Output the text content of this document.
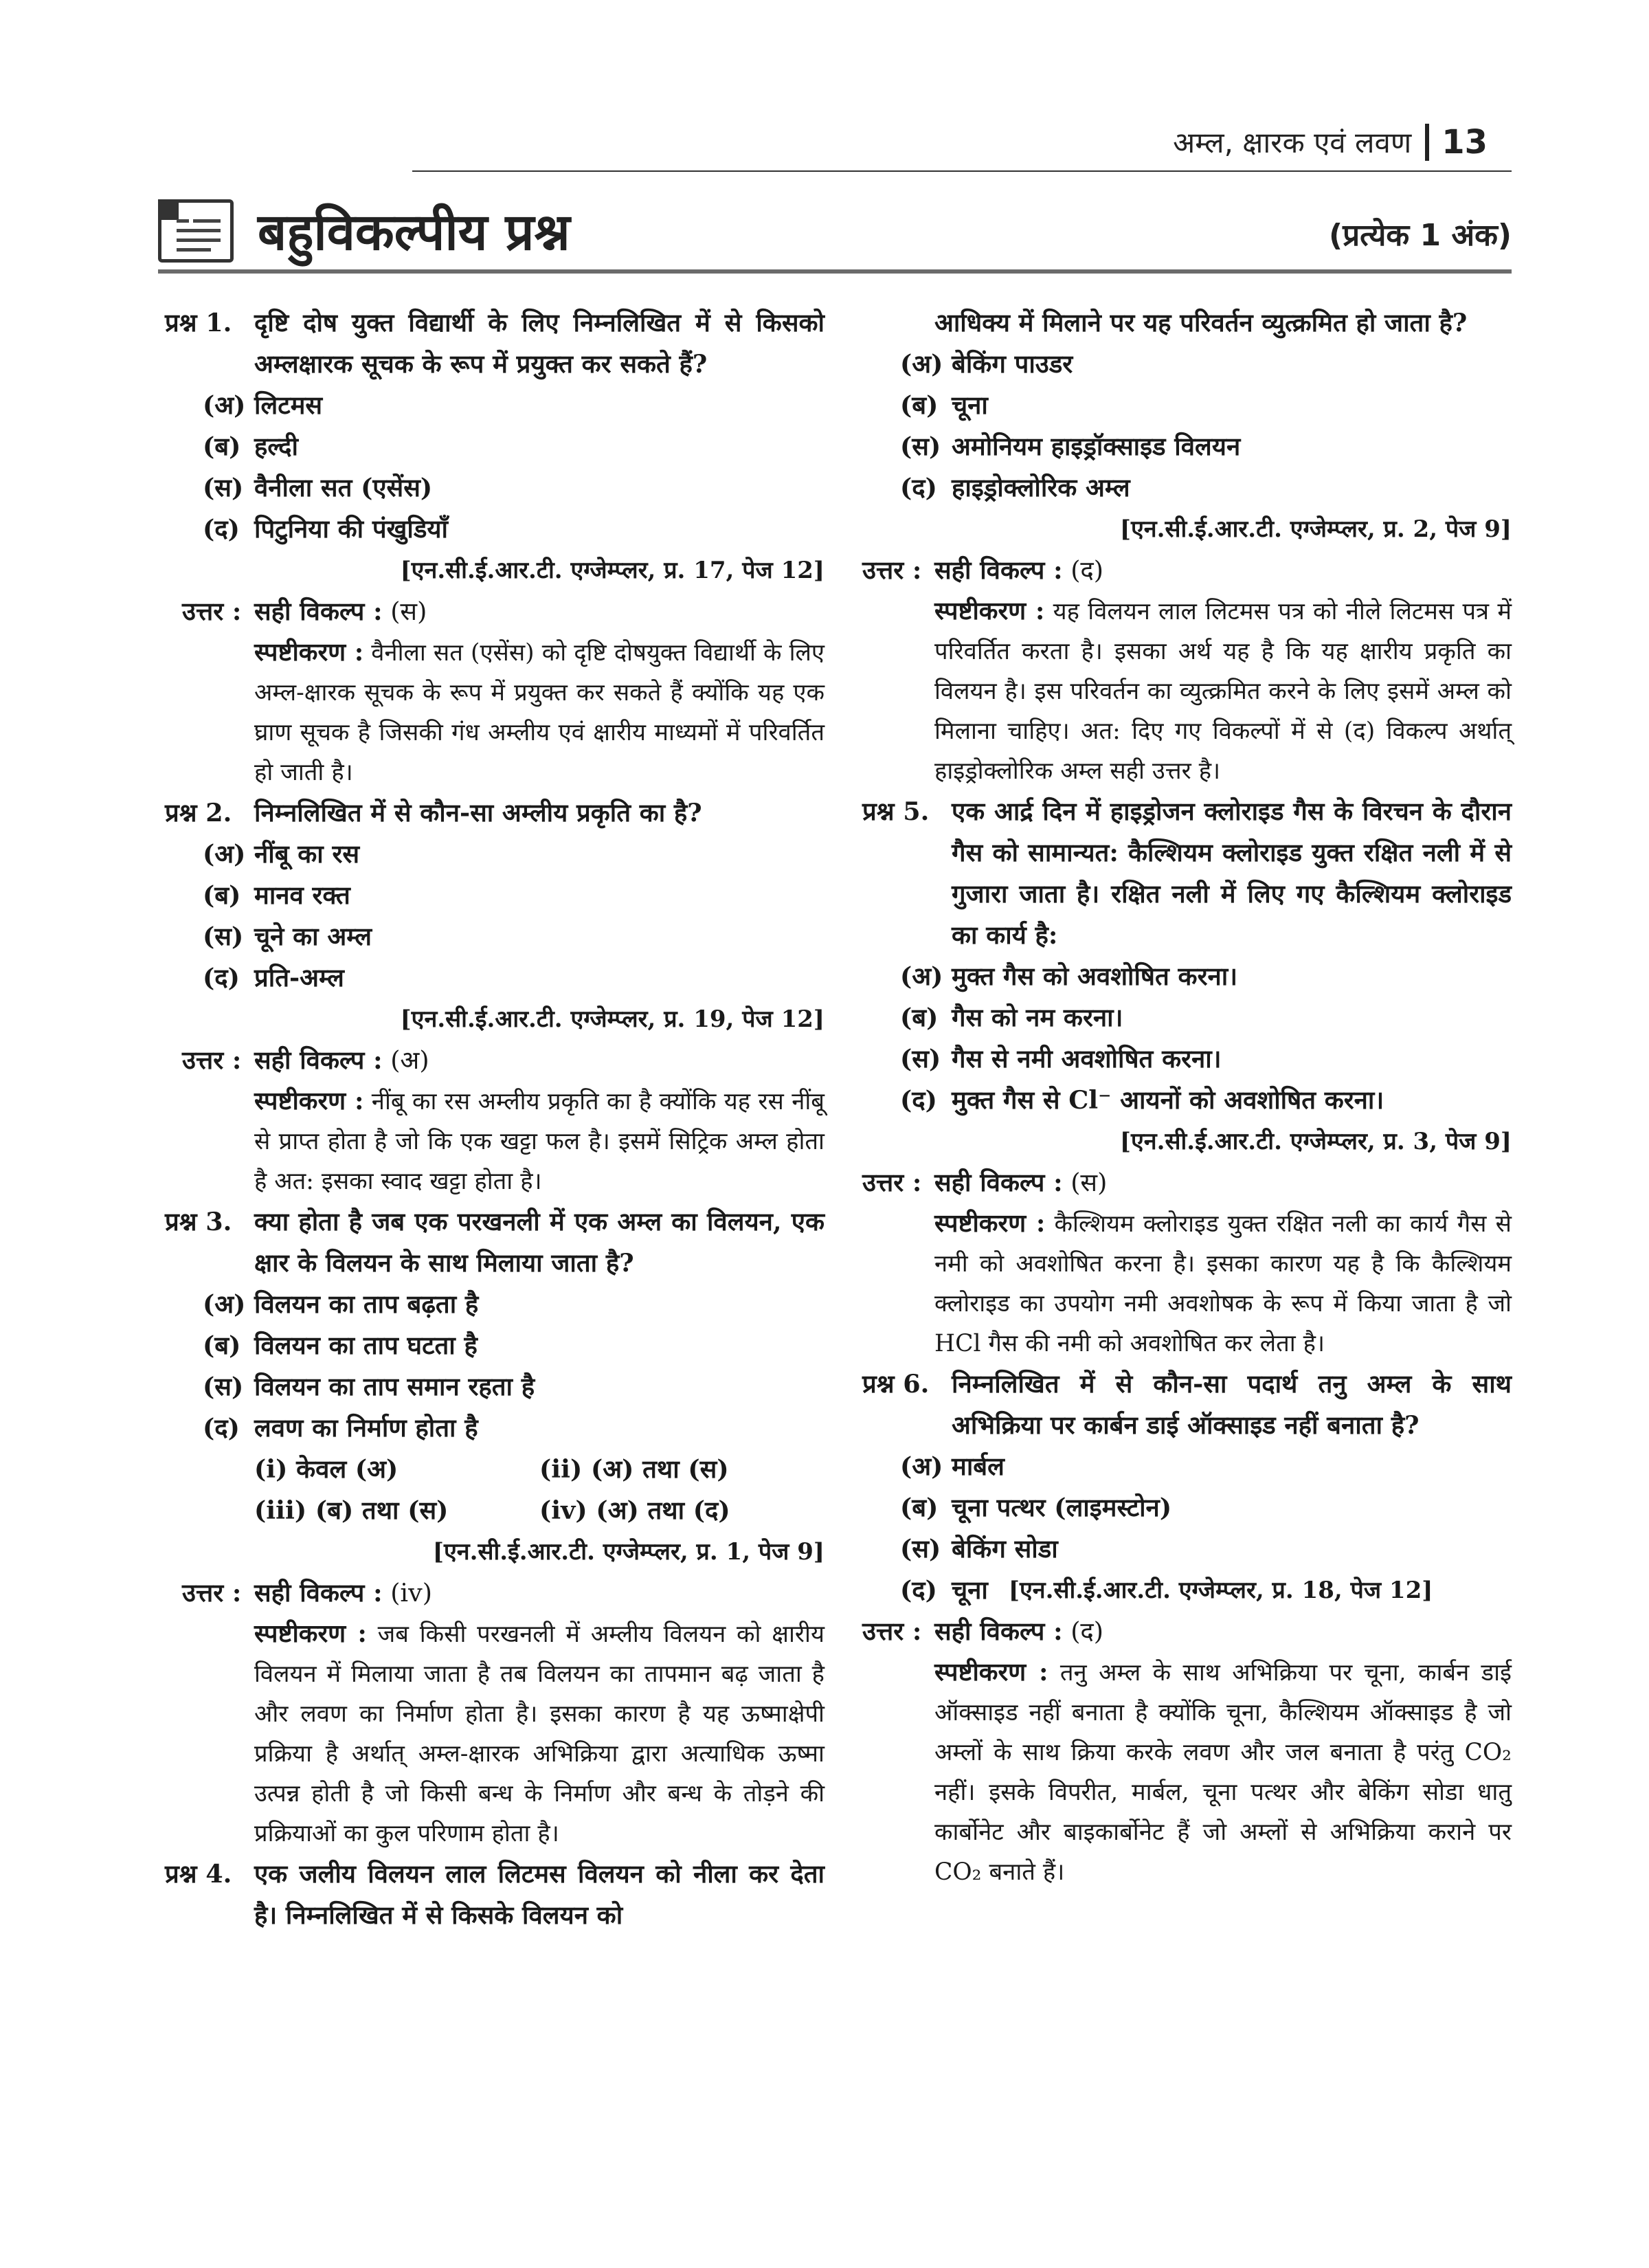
अम्ल, क्षारक एवं लवण 13
बहुविकल्पीय प्रश्न	(प्रत्येक 1 अंक)

प्रश्न 1. दृष्टि दोष युक्त विद्यार्थी के लिए निम्नलिखित में से किसको अम्लक्षारक सूचक के रूप में प्रयुक्त कर सकते हैं?

(अ) लिटमस

(ब) हल्दी

(स) वैनीला सत (एसेंस)

(द) पिटुनिया की पंखुडियाँ

[एन.सी.ई.आर.टी. एग्जेम्प्लर, प्र. 17, पेज 12]

उत्तर : सही विकल्प : (स)

स्पष्टीकरण : वैनीला सत (एसेंस) को दृष्टि दोषयुक्त विद्यार्थी के लिए अम्ल-क्षारक सूचक के रूप में प्रयुक्त कर सकते हैं क्योंकि यह एक घ्राण सूचक है जिसकी गंध अम्लीय एवं क्षारीय माध्यमों में परिवर्तित हो जाती है।

प्रश्न 2. निम्नलिखित में से कौन-सा अम्लीय प्रकृति का है?

(अ) नींबू का रस

(ब) मानव रक्त

(स) चूने का अम्ल

(द) प्रति-अम्ल

[एन.सी.ई.आर.टी. एग्जेम्प्लर, प्र. 19, पेज 12]

उत्तर : सही विकल्प : (अ)

स्पष्टीकरण : नींबू का रस अम्लीय प्रकृति का है क्योंकि यह रस नींबू से प्राप्त होता है जो कि एक खट्टा फल है। इसमें सिट्रिक अम्ल होता है अत: इसका स्वाद खट्टा होता है।

प्रश्न 3. क्या होता है जब एक परखनली में एक अम्ल का विलयन, एक क्षार के विलयन के साथ मिलाया जाता है?

(अ) विलयन का ताप बढ़ता है

(ब) विलयन का ताप घटता है

(स) विलयन का ताप समान रहता है

(द) लवण का निर्माण होता है

(i) केवल (अ)	(ii) (अ) तथा (स)
(iii) (ब) तथा (स)	(iv) (अ) तथा (द)

[एन.सी.ई.आर.टी. एग्जेम्प्लर, प्र. 1, पेज 9]

उत्तर : सही विकल्प : (iv)

स्पष्टीकरण : जब किसी परखनली में अम्लीय विलयन को क्षारीय विलयन में मिलाया जाता है तब विलयन का तापमान बढ़ जाता है और लवण का निर्माण होता है। इसका कारण है यह ऊष्माक्षेपी प्रक्रिया है अर्थात् अम्ल-क्षारक अभिक्रिया द्वारा अत्याधिक ऊष्मा उत्पन्न होती है जो किसी बन्ध के निर्माण और बन्ध के तोड़ने की प्रक्रियाओं का कुल परिणाम होता है।

प्रश्न 4. एक जलीय विलयन लाल लिटमस विलयन को नीला कर देता है। निम्नलिखित में से किसके विलयन को

आधिक्य में मिलाने पर यह परिवर्तन व्युत्क्रमित हो जाता है?

(अ) बेकिंग पाउडर

(ब) चूना

(स) अमोनियम हाइड्रॉक्साइड विलयन

(द) हाइड्रोक्लोरिक अम्ल

[एन.सी.ई.आर.टी. एग्जेम्प्लर, प्र. 2, पेज 9]

उत्तर : सही विकल्प : (द)

स्पष्टीकरण : यह विलयन लाल लिटमस पत्र को नीले लिटमस पत्र में परिवर्तित करता है। इसका अर्थ यह है कि यह क्षारीय प्रकृति का विलयन है। इस परिवर्तन का व्युत्क्रमित करने के लिए इसमें अम्ल को मिलाना चाहिए। अत: दिए गए विकल्पों में से (द) विकल्प अर्थात् हाइड्रोक्लोरिक अम्ल सही उत्तर है।

प्रश्न 5. एक आर्द्र दिन में हाइड्रोजन क्लोराइड गैस के विरचन के दौरान गैस को सामान्यत: कैल्शियम क्लोराइड युक्त रक्षित नली में से गुजारा जाता है। रक्षित नली में लिए गए कैल्शियम क्लोराइड का कार्य है:

(अ) मुक्त गैस को अवशोषित करना।

(ब) गैस को नम करना।

(स) गैस से नमी अवशोषित करना।

(द) मुक्त गैस से Cl⁻ आयनों को अवशोषित करना।

[एन.सी.ई.आर.टी. एग्जेम्प्लर, प्र. 3, पेज 9]

उत्तर : सही विकल्प : (स)

स्पष्टीकरण : कैल्शियम क्लोराइड युक्त रक्षित नली का कार्य गैस से नमी को अवशोषित करना है। इसका कारण यह है कि कैल्शियम क्लोराइड का उपयोग नमी अवशोषक के रूप में किया जाता है जो HCl गैस की नमी को अवशोषित कर लेता है।

प्रश्न 6. निम्नलिखित में से कौन-सा पदार्थ तनु अम्ल के साथ अभिक्रिया पर कार्बन डाई ऑक्साइड नहीं बनाता है?

(अ) मार्बल

(ब) चूना पत्थर (लाइमस्टोन)

(स) बेकिंग सोडा

(द) चूना [एन.सी.ई.आर.टी. एग्जेम्प्लर, प्र. 18, पेज 12]

उत्तर : सही विकल्प : (द)

स्पष्टीकरण : तनु अम्ल के साथ अभिक्रिया पर चूना, कार्बन डाई ऑक्साइड नहीं बनाता है क्योंकि चूना, कैल्शियम ऑक्साइड है जो अम्लों के साथ क्रिया करके लवण और जल बनाता है परंतु CO₂ नहीं। इसके विपरीत, मार्बल, चूना पत्थर और बेकिंग सोडा धातु कार्बोनेट और बाइकार्बोनेट हैं जो अम्लों से अभिक्रिया कराने पर CO₂ बनाते हैं।
